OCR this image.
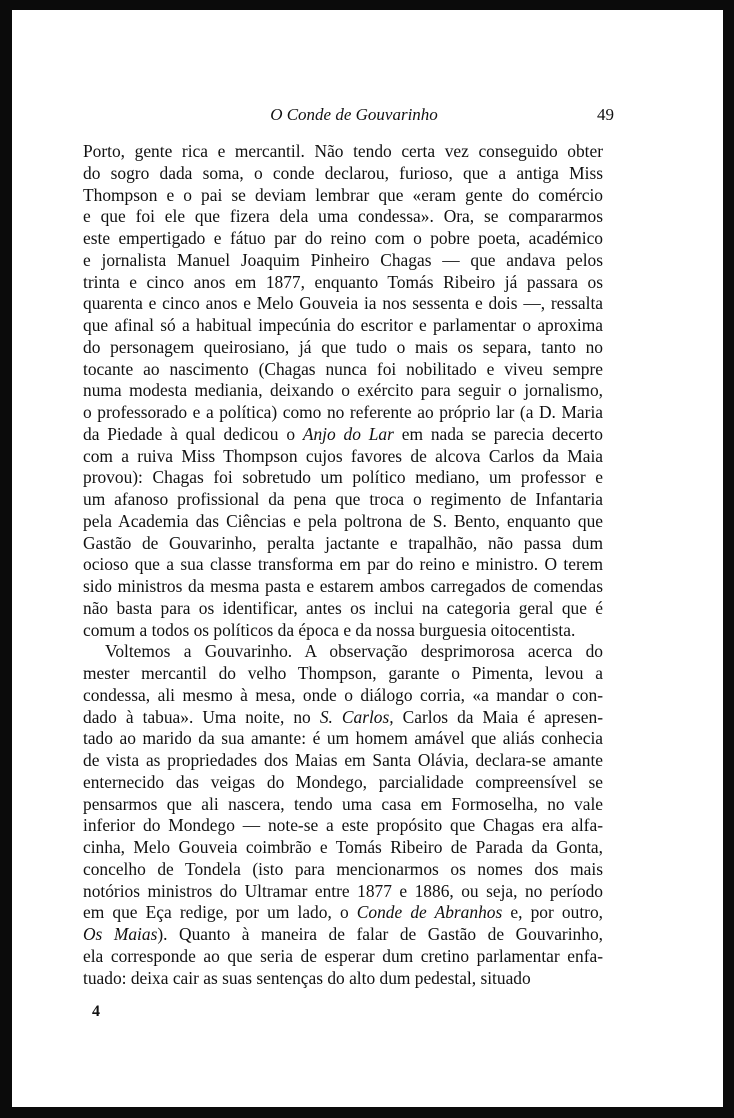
O Conde de Gouvarinho	49

Porto, gente rica e mercantil. Não tendo certa vez conseguido obter
do sogro dada soma, o conde declarou, furioso, que a antiga Miss
Thompson e o pai se deviam lembrar que «eram gente do comércio
e que foi ele que fizera dela uma condessa». Ora, se compararmos
este empertigado e fátuo par do reino com o pobre poeta, académico
e jornalista Manuel Joaquim Pinheiro Chagas — que andava pelos
trinta e cinco anos em 1877, enquanto Tomás Ribeiro já passara os
quarenta e cinco anos e Melo Gouveia ia nos sessenta e dois —, ressalta
que afinal só a habitual impecúnia do escritor e parlamentar o aproxima
do personagem queirosiano, já que tudo o mais os separa, tanto no
tocante ao nascimento (Chagas nunca foi nobilitado e viveu sempre
numa modesta mediania, deixando o exército para seguir o jornalismo,
o professorado e a política) como no referente ao próprio lar (a D. Maria
da Piedade à qual dedicou o Anjo do Lar em nada se parecia decerto
com a ruiva Miss Thompson cujos favores de alcova Carlos da Maia
provou): Chagas foi sobretudo um político mediano, um professor e
um afanoso profissional da pena que troca o regimento de Infantaria
pela Academia das Ciências e pela poltrona de S. Bento, enquanto que
Gastão de Gouvarinho, peralta jactante e trapalhão, não passa dum
ocioso que a sua classe transforma em par do reino e ministro. O terem
sido ministros da mesma pasta e estarem ambos carregados de comendas
não basta para os identificar, antes os inclui na categoria geral que é
comum a todos os políticos da época e da nossa burguesia oitocentista.

Voltemos a Gouvarinho. A observação desprimorosa acerca do
mester mercantil do velho Thompson, garante o Pimenta, levou a
condessa, ali mesmo à mesa, onde o diálogo corria, «a mandar o con-
dado à tabua». Uma noite, no S. Carlos, Carlos da Maia é apresen-
tado ao marido da sua amante: é um homem amável que aliás conhecia
de vista as propriedades dos Maias em Santa Olávia, declara-se amante
enternecido das veigas do Mondego, parcialidade compreensível se
pensarmos que ali nascera, tendo uma casa em Formoselha, no vale
inferior do Mondego — note-se a este propósito que Chagas era alfa-
cinha, Melo Gouveia coimbrão e Tomás Ribeiro de Parada da Gonta,
concelho de Tondela (isto para mencionarmos os nomes dos mais
notórios ministros do Ultramar entre 1877 e 1886, ou seja, no período
em que Eça redige, por um lado, o Conde de Abranhos e, por outro,
Os Maias). Quanto à maneira de falar de Gastão de Gouvarinho,
ela corresponde ao que seria de esperar dum cretino parlamentar enfa-
tuado: deixa cair as suas sentenças do alto dum pedestal, situado

4
